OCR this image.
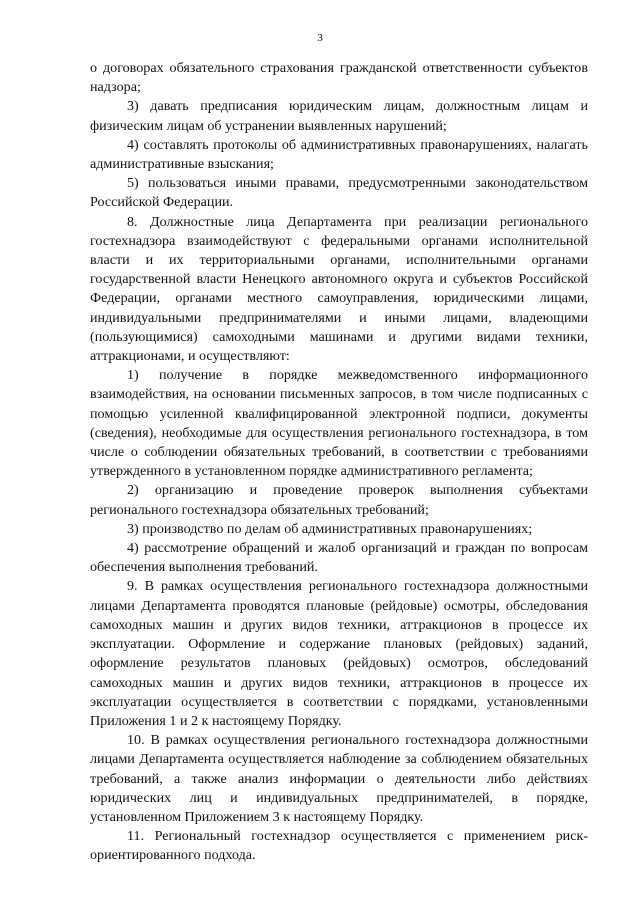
3

о договорах обязательного страхования гражданской ответственности субъектов надзора;

3) давать предписания юридическим лицам, должностным лицам и физическим лицам об устранении выявленных нарушений;

4) составлять протоколы об административных правонарушениях, налагать административные взыскания;

5) пользоваться иными правами, предусмотренными законодательством Российской Федерации.

8. Должностные лица Департамента при реализации регионального гостехнадзора взаимодействуют с федеральными органами исполнительной власти и их территориальными органами, исполнительными органами государственной власти Ненецкого автономного округа и субъектов Российской Федерации, органами местного самоуправления, юридическими лицами, индивидуальными предпринимателями и иными лицами, владеющими (пользующимися) самоходными машинами и другими видами техники, аттракционами, и осуществляют:

1) получение в порядке межведомственного информационного взаимодействия, на основании письменных запросов, в том числе подписанных с помощью усиленной квалифицированной электронной подписи, документы (сведения), необходимые для осуществления регионального гостехнадзора, в том числе о соблюдении обязательных требований, в соответствии с требованиями утвержденного в установленном порядке административного регламента;

2) организацию и проведение проверок выполнения субъектами регионального гостехнадзора обязательных требований;

3) производство по делам об административных правонарушениях;

4) рассмотрение обращений и жалоб организаций и граждан по вопросам обеспечения выполнения требований.

9. В рамках осуществления регионального гостехнадзора должностными лицами Департамента проводятся плановые (рейдовые) осмотры, обследования самоходных машин и других видов техники, аттракционов в процессе их эксплуатации. Оформление и содержание плановых (рейдовых) заданий, оформление результатов плановых (рейдовых) осмотров, обследований самоходных машин и других видов техники, аттракционов в процессе их эксплуатации осуществляется в соответствии с порядками, установленными Приложения 1 и 2 к настоящему Порядку.

10. В рамках осуществления регионального гостехнадзора должностными лицами Департамента осуществляется наблюдение за соблюдением обязательных требований, а также анализ информации о деятельности либо действиях юридических лиц и индивидуальных предпринимателей, в порядке, установленном Приложением 3 к настоящему Порядку.

11. Региональный гостехнадзор осуществляется с применением риск-ориентированного подхода.
